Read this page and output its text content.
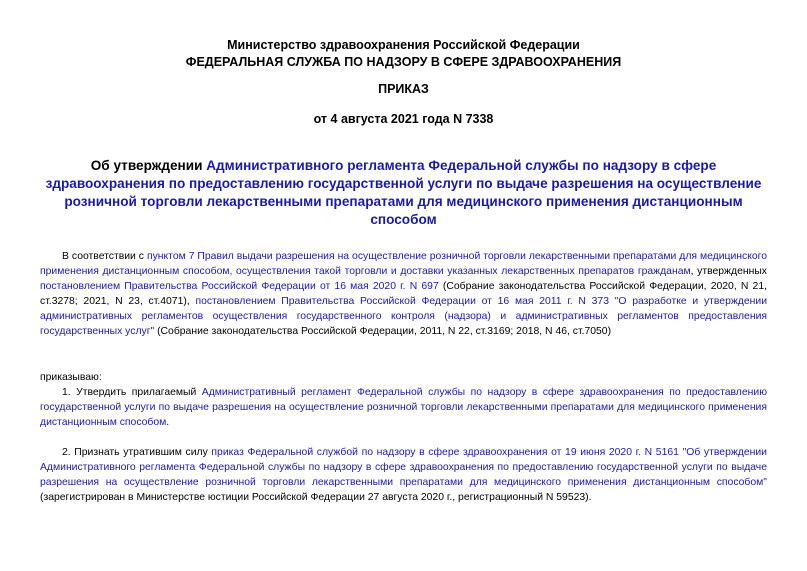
Министерство здравоохранения Российской Федерации
ФЕДЕРАЛЬНАЯ СЛУЖБА ПО НАДЗОРУ В СФЕРЕ ЗДРАВООХРАНЕНИЯ
ПРИКАЗ
от 4 августа 2021 года N 7338
Об утверждении Административного регламента Федеральной службы по надзору в сфере здравоохранения по предоставлению государственной услуги по выдаче разрешения на осуществление розничной торговли лекарственными препаратами для медицинского применения дистанционным способом
В соответствии с пунктом 7 Правил выдачи разрешения на осуществление розничной торговли лекарственными препаратами для медицинского применения дистанционным способом, осуществления такой торговли и доставки указанных лекарственных препаратов гражданам, утвержденных постановлением Правительства Российской Федерации от 16 мая 2020 г. N 697 (Собрание законодательства Российской Федерации, 2020, N 21, ст.3278; 2021, N 23, ст.4071), постановлением Правительства Российской Федерации от 16 мая 2011 г. N 373 "О разработке и утверждении административных регламентов осуществления государственного контроля (надзора) и административных регламентов предоставления государственных услуг" (Собрание законодательства Российской Федерации, 2011, N 22, ст.3169; 2018, N 46, ст.7050)
приказываю:
1. Утвердить прилагаемый Административный регламент Федеральной службы по надзору в сфере здравоохранения по предоставлению государственной услуги по выдаче разрешения на осуществление розничной торговли лекарственными препаратами для медицинского применения дистанционным способом.
2. Признать утратившим силу приказ Федеральной службой по надзору в сфере здравоохранения от 19 июня 2020 г. N 5161 "Об утверждении Административного регламента Федеральной службы по надзору в сфере здравоохранения по предоставлению государственной услуги по выдаче разрешения на осуществление розничной торговли лекарственными препаратами для медицинского применения дистанционным способом" (зарегистрирован в Министерстве юстиции Российской Федерации 27 августа 2020 г., регистрационный N 59523).
